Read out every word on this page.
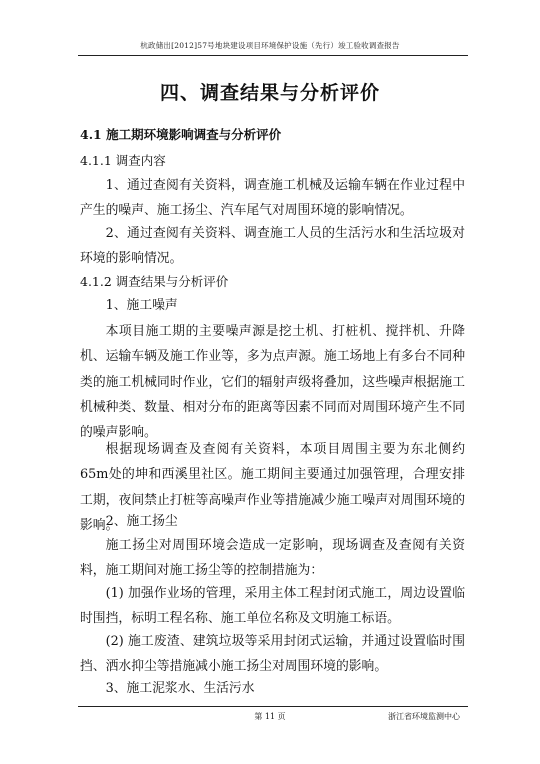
杭政储出[2012]57号地块建设项目环境保护设施（先行）竣工验收调查报告
四、调查结果与分析评价
4.1 施工期环境影响调查与分析评价
4.1.1 调查内容

1、通过查阅有关资料，调查施工机械及运输车辆在作业过程中产生的噪声、施工扬尘、汽车尾气对周围环境的影响情况。

2、通过查阅有关资料、调查施工人员的生活污水和生活垃圾对环境的影响情况。

4.1.2 调查结果与分析评价

1、施工噪声

本项目施工期的主要噪声源是挖土机、打桩机、搅拌机、升降机、运输车辆及施工作业等，多为点声源。施工场地上有多台不同种类的施工机械同时作业，它们的辐射声级将叠加，这些噪声根据施工机械种类、数量、相对分布的距离等因素不同而对周围环境产生不同的噪声影响。

根据现场调查及查阅有关资料，本项目周围主要为东北侧约65m处的坤和西溪里社区。施工期间主要通过加强管理，合理安排工期，夜间禁止打桩等高噪声作业等措施减少施工噪声对周围环境的影响。

2、施工扬尘

施工扬尘对周围环境会造成一定影响，现场调查及查阅有关资料，施工期间对施工扬尘等的控制措施为：

(1) 加强作业场的管理，采用主体工程封闭式施工，周边设置临时围挡，标明工程名称、施工单位名称及文明施工标语。

(2) 施工废渣、建筑垃圾等采用封闭式运输，并通过设置临时围挡、洒水抑尘等措施减小施工扬尘对周围环境的影响。

3、施工泥浆水、生活污水

第 11 页	浙江省环境监测中心
